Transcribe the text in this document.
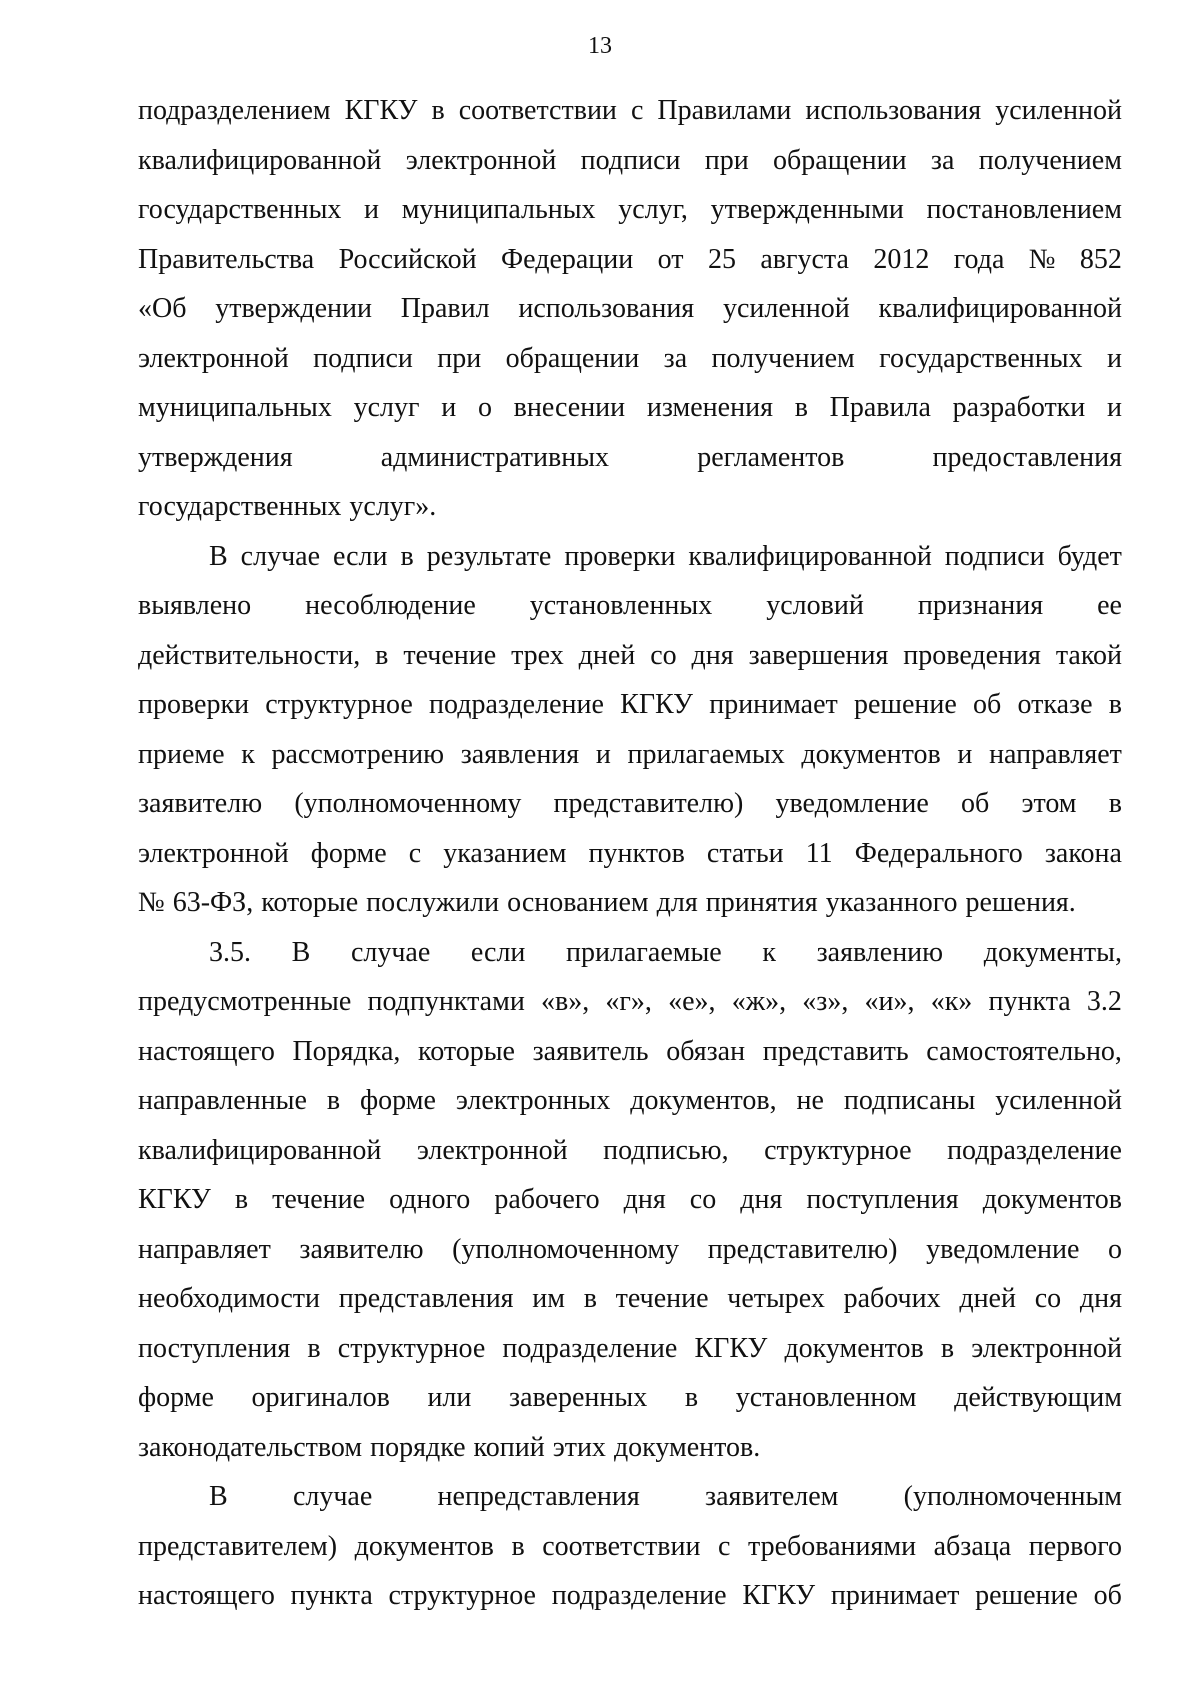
13
подразделением КГКУ в соответствии с Правилами использования усиленной
квалифицированной электронной подписи при обращении за получением
государственных и муниципальных услуг, утвержденными постановлением
Правительства Российской Федерации от 25 августа 2012 года № 852
«Об утверждении Правил использования усиленной квалифицированной
электронной подписи при обращении за получением государственных и
муниципальных услуг и о внесении изменения в Правила разработки и
утверждения	административных	регламентов	предоставления
государственных услуг».
В случае если в результате проверки квалифицированной подписи будет
выявлено несоблюдение установленных условий признания ее
действительности, в течение трех дней со дня завершения проведения такой
проверки структурное подразделение КГКУ принимает решение об отказе в
приеме к рассмотрению заявления и прилагаемых документов и направляет
заявителю (уполномоченному представителю) уведомление об этом в
электронной форме с указанием пунктов статьи 11 Федерального закона
№ 63-ФЗ, которые послужили основанием для принятия указанного решения.
3.5. В случае если прилагаемые к заявлению документы,
предусмотренные подпунктами «в», «г», «е», «ж», «з», «и», «к» пункта 3.2
настоящего Порядка, которые заявитель обязан представить самостоятельно,
направленные в форме электронных документов, не подписаны усиленной
квалифицированной электронной подписью, структурное подразделение
КГКУ в течение одного рабочего дня со дня поступления документов
направляет заявителю (уполномоченному представителю) уведомление о
необходимости представления им в течение четырех рабочих дней со дня
поступления в структурное подразделение КГКУ документов в электронной
форме оригиналов или заверенных в установленном действующим
законодательством порядке копий этих документов.
В случае непредставления заявителем (уполномоченным
представителем) документов в соответствии с требованиями абзаца первого
настоящего пункта структурное подразделение КГКУ принимает решение об
